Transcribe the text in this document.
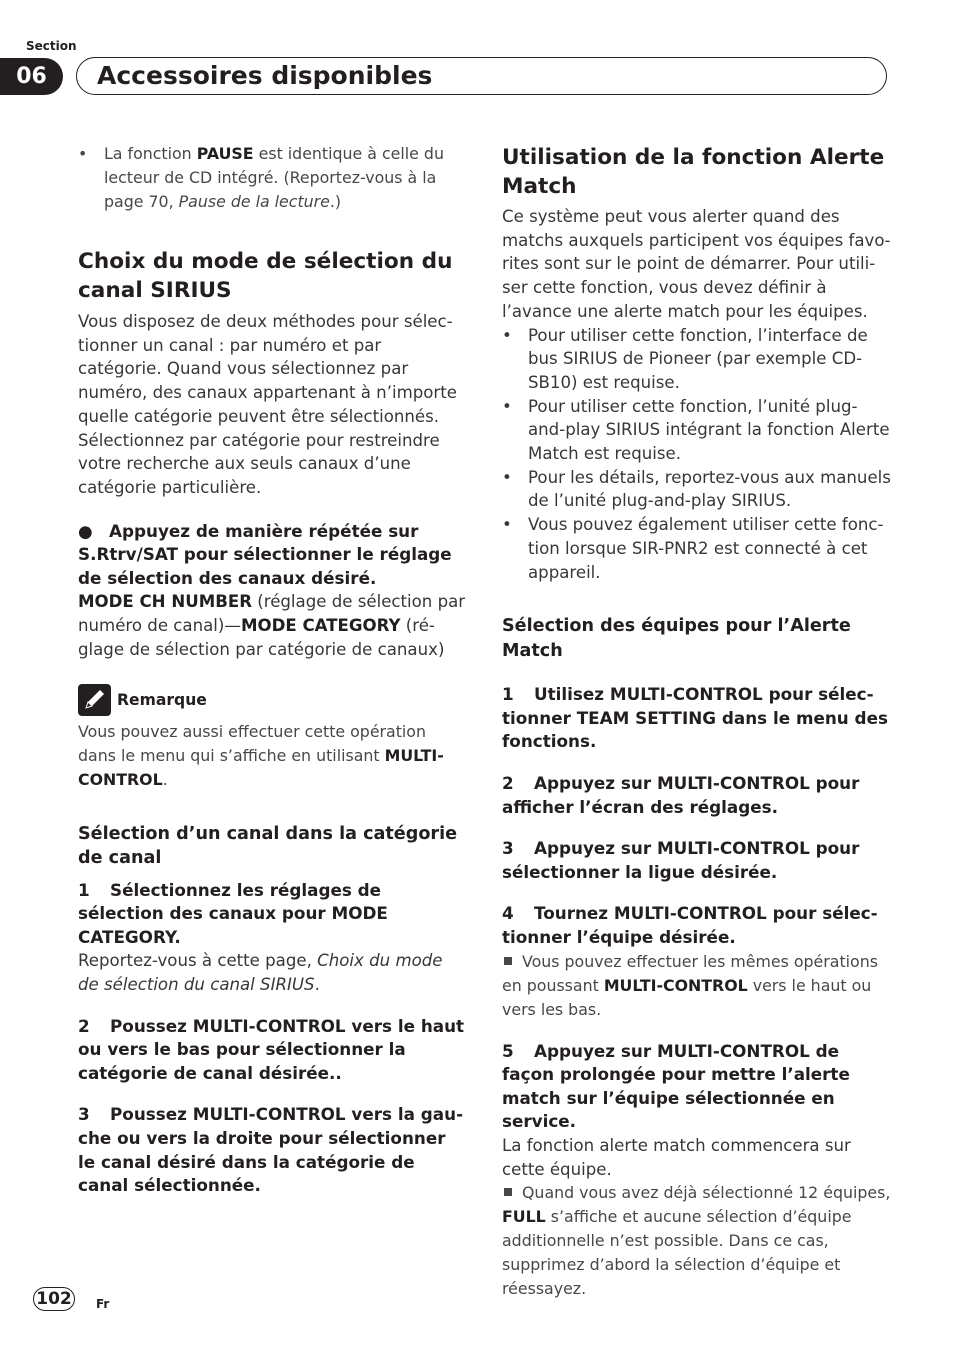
Section
06	Accessoires disponibles
•	La fonction PAUSE est identique à celle du lecteur de CD intégré. (Reportez-vous à la page 70, Pause de la lecture.)

Choix du mode de sélection du canal SIRIUS

Vous disposez de deux méthodes pour sélectionner un canal : par numéro et par catégorie. Quand vous sélectionnez par numéro, des canaux appartenant à n’importe quelle catégorie peuvent être sélectionnés. Sélectionnez par catégorie pour restreindre votre recherche aux seuls canaux d’une catégorie particulière.

● Appuyez de manière répétée sur S.Rtrv/SAT pour sélectionner le réglage de sélection des canaux désiré.

MODE CH NUMBER (réglage de sélection par numéro de canal)—MODE CATEGORY (réglage de sélection par catégorie de canaux)

Remarque

Vous pouvez aussi effectuer cette opération dans le menu qui s’affiche en utilisant MULTI-CONTROL.

Sélection d’un canal dans la catégorie de canal

1 Sélectionnez les réglages de sélection des canaux pour MODE CATEGORY.

Reportez-vous à cette page, Choix du mode de sélection du canal SIRIUS.

2 Poussez MULTI-CONTROL vers le haut ou vers le bas pour sélectionner la catégorie de canal désirée..

3 Poussez MULTI-CONTROL vers la gauche ou vers la droite pour sélectionner le canal désiré dans la catégorie de canal sélectionnée.

Utilisation de la fonction Alerte Match

Ce système peut vous alerter quand des matchs auxquels participent vos équipes favorites sont sur le point de démarrer. Pour utiliser cette fonction, vous devez définir à l’avance une alerte match pour les équipes.

• Pour utiliser cette fonction, l’interface de bus SIRIUS de Pioneer (par exemple CD-SB10) est requise.
• Pour utiliser cette fonction, l’unité plug-and-play SIRIUS intégrant la fonction Alerte Match est requise.
• Pour les détails, reportez-vous aux manuels de l’unité plug-and-play SIRIUS.
• Vous pouvez également utiliser cette fonction lorsque SIR-PNR2 est connecté à cet appareil.

Sélection des équipes pour l’Alerte Match

1 Utilisez MULTI-CONTROL pour sélectionner TEAM SETTING dans le menu des fonctions.

2 Appuyez sur MULTI-CONTROL pour afficher l’écran des réglages.

3 Appuyez sur MULTI-CONTROL pour sélectionner la ligue désirée.

4 Tournez MULTI-CONTROL pour sélectionner l’équipe désirée.

Vous pouvez effectuer les mêmes opérations en poussant MULTI-CONTROL vers le haut ou vers les bas.

5 Appuyez sur MULTI-CONTROL de façon prolongée pour mettre l’alerte match sur l’équipe sélectionnée en service.

La fonction alerte match commencera sur cette équipe.

Quand vous avez déjà sélectionné 12 équipes, FULL s’affiche et aucune sélection d’équipe additionnelle n’est possible. Dans ce cas, supprimez d’abord la sélection d’équipe et réessayez.

102 Fr
